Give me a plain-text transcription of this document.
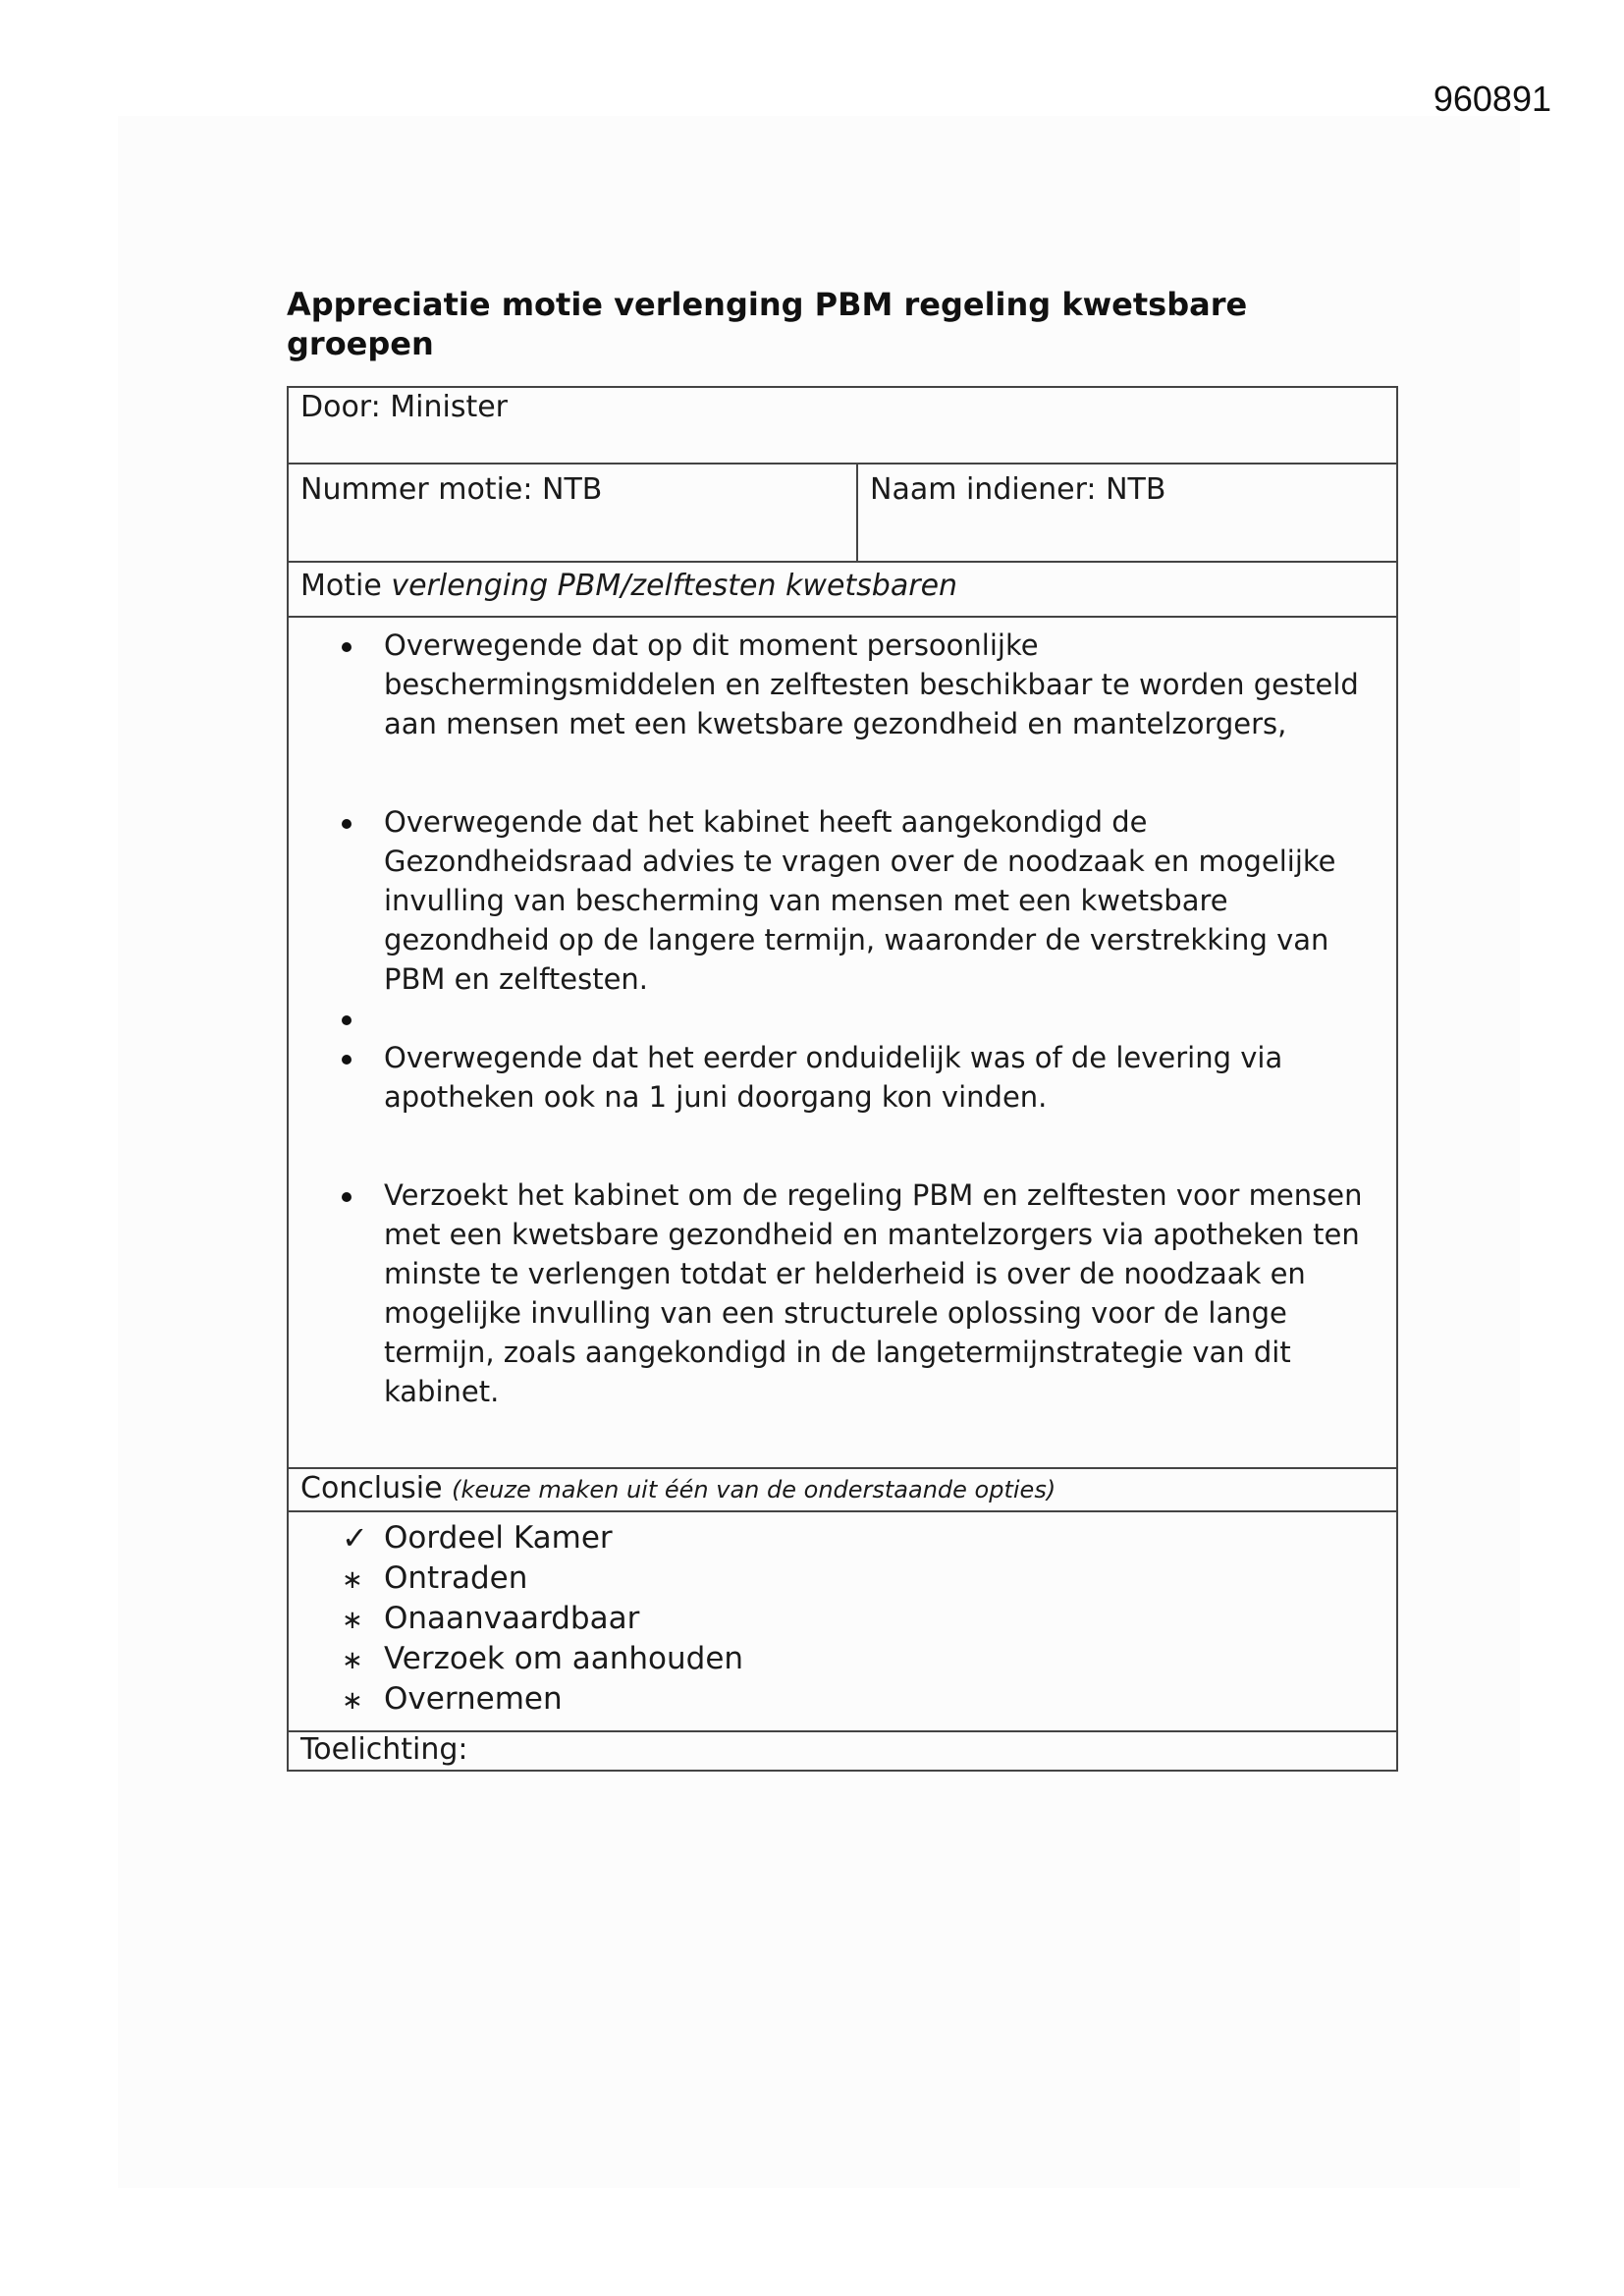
960891
Appreciatie motie verlenging PBM regeling kwetsbare groepen
Door: Minister
Nummer motie: NTB	Naam indiener: NTB
Motie verlenging PBM/zelftesten kwetsbaren
Overwegende dat op dit moment persoonlijke beschermingsmiddelen en zelftesten beschikbaar te worden gesteld aan mensen met een kwetsbare gezondheid en mantelzorgers,
Overwegende dat het kabinet heeft aangekondigd de Gezondheidsraad advies te vragen over de noodzaak en mogelijke invulling van bescherming van mensen met een kwetsbare gezondheid op de langere termijn, waaronder de verstrekking van PBM en zelftesten.
Overwegende dat het eerder onduidelijk was of de levering via apotheken ook na 1 juni doorgang kon vinden.
Verzoekt het kabinet om de regeling PBM en zelftesten voor mensen met een kwetsbare gezondheid en mantelzorgers via apotheken ten minste te verlengen totdat er helderheid is over de noodzaak en mogelijke invulling van een structurele oplossing voor de lange termijn, zoals aangekondigd in de langetermijnstrategie van dit kabinet.
Conclusie (keuze maken uit één van de onderstaande opties)
✓ Oordeel Kamer
∗ Ontraden
∗ Onaanvaardbaar
∗ Verzoek om aanhouden
∗ Overnemen
Toelichting:
